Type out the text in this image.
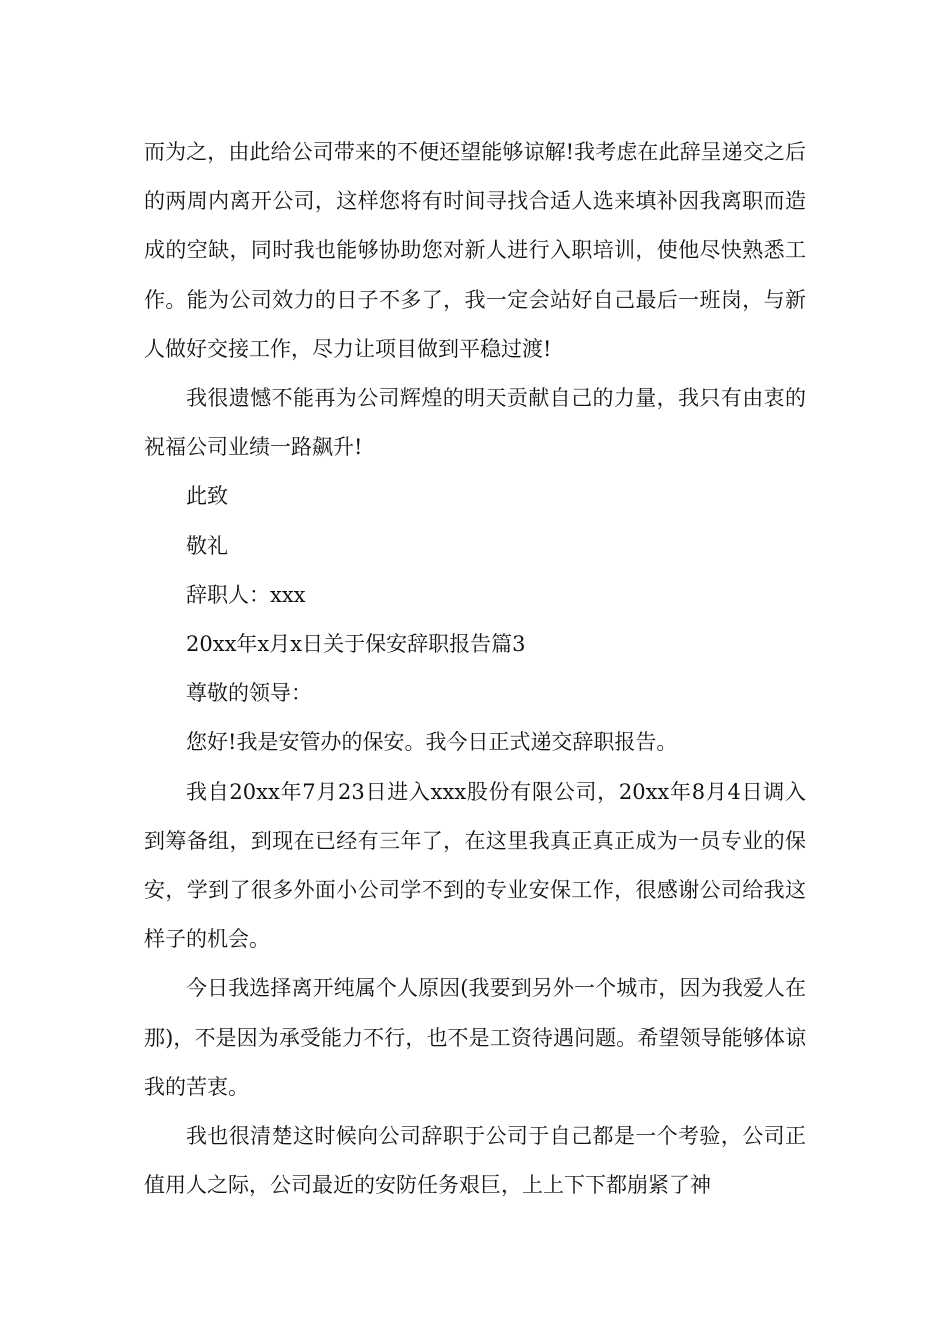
而为之，由此给公司带来的不便还望能够谅解!我考虑在此辞呈递交之后的两周内离开公司，这样您将有时间寻找合适人选来填补因我离职而造成的空缺，同时我也能够协助您对新人进行入职培训，使他尽快熟悉工作。能为公司效力的日子不多了，我一定会站好自己最后一班岗，与新人做好交接工作，尽力让项目做到平稳过渡!

我很遗憾不能再为公司辉煌的明天贡献自己的力量，我只有由衷的祝福公司业绩一路飙升!

此致

敬礼

辞职人：xxx

20xx年x月x日关于保安辞职报告篇3

尊敬的领导：

您好!我是安管办的保安。我今日正式递交辞职报告。

我自20xx年7月23日进入xxx股份有限公司，20xx年8月4日调入到筹备组，到现在已经有三年了，在这里我真正真正成为一员专业的保安，学到了很多外面小公司学不到的专业安保工作，很感谢公司给我这样子的机会。

今日我选择离开纯属个人原因(我要到另外一个城市，因为我爱人在那)，不是因为承受能力不行，也不是工资待遇问题。希望领导能够体谅我的苦衷。

我也很清楚这时候向公司辞职于公司于自己都是一个考验，公司正值用人之际，公司最近的安防任务艰巨，上上下下都崩紧了神
